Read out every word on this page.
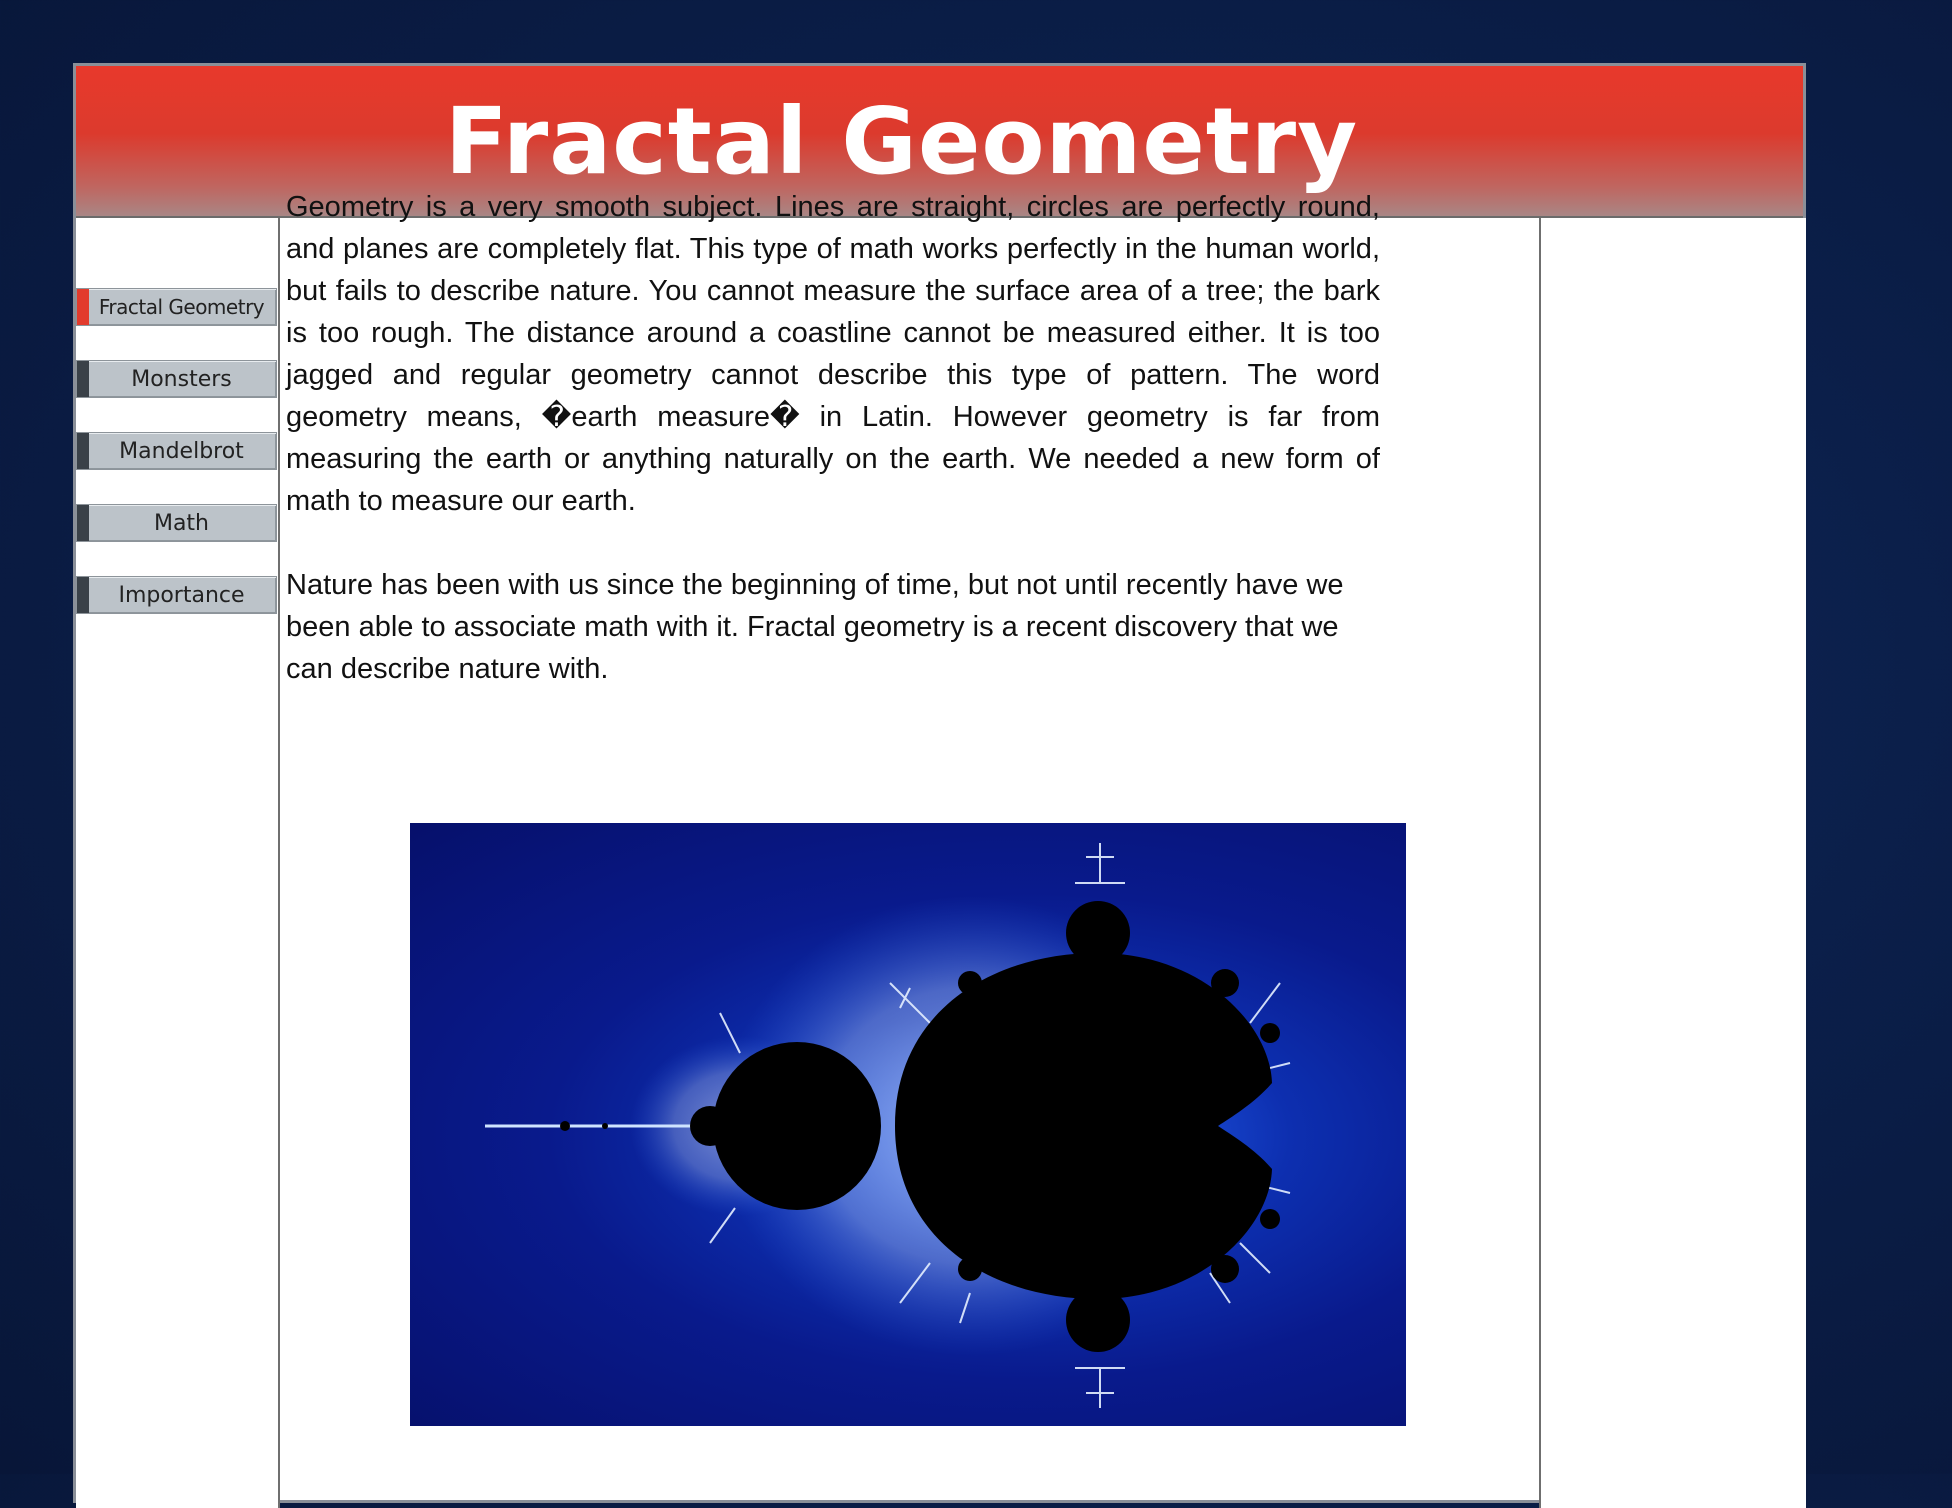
Fractal Geometry
Fractal Geometry
Monsters
Mandelbrot
Math
Importance

Geometry is a very smooth subject. Lines are straight, circles are perfectly round, and planes are completely flat. This type of math works perfectly in the human world, but fails to describe nature. You cannot measure the surface area of a tree; the bark is too rough. The distance around a coastline cannot be measured either. It is too jagged and regular geometry cannot describe this type of pattern. The word geometry means, �earth measure� in Latin. However geometry is far from measuring the earth or anything naturally on the earth. We needed a new form of math to measure our earth.

Nature has been with us since the beginning of time, but not until recently have we been able to associate math with it. Fractal geometry is a recent discovery that we can describe nature with.
